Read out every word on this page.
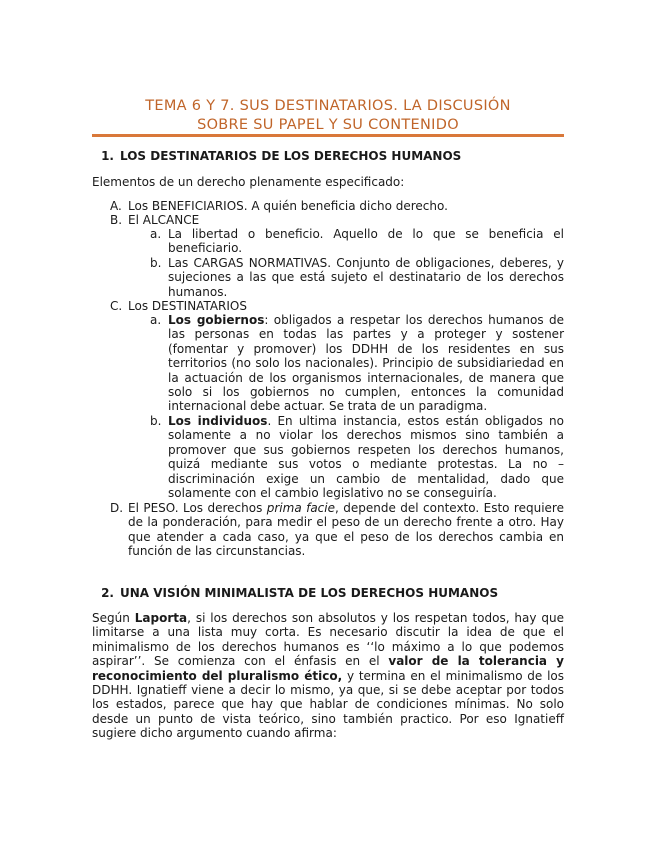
TEMA 6 Y 7. SUS DESTINATARIOS. LA DISCUSIÓN
SOBRE SU PAPEL Y SU CONTENIDO
1. LOS DESTINATARIOS DE LOS DERECHOS HUMANOS
Elementos de un derecho plenamente especificado:
A. Los BENEFICIARIOS. A quién beneficia dicho derecho.
B. El ALCANCE
a. La libertad o beneficio. Aquello de lo que se beneficia el beneficiario.
b. Las CARGAS NORMATIVAS. Conjunto de obligaciones, deberes, y sujeciones a las que está sujeto el destinatario de los derechos humanos.
C. Los DESTINATARIOS
a. Los gobiernos: obligados a respetar los derechos humanos de las personas en todas las partes y a proteger y sostener (fomentar y promover) los DDHH de los residentes en sus territorios (no solo los nacionales). Principio de subsidiariedad en la actuación de los organismos internacionales, de manera que solo si los gobiernos no cumplen, entonces la comunidad internacional debe actuar. Se trata de un paradigma.
b. Los individuos. En ultima instancia, estos están obligados no solamente a no violar los derechos mismos sino también a promover que sus gobiernos respeten los derechos humanos, quizá mediante sus votos o mediante protestas. La no – discriminación exige un cambio de mentalidad, dado que solamente con el cambio legislativo no se conseguiría.
D. El PESO. Los derechos prima facie, depende del contexto. Esto requiere de la ponderación, para medir el peso de un derecho frente a otro. Hay que atender a cada caso, ya que el peso de los derechos cambia en función de las circunstancias.
2. UNA VISIÓN MINIMALISTA DE LOS DERECHOS HUMANOS
Según Laporta, si los derechos son absolutos y los respetan todos, hay que limitarse a una lista muy corta. Es necesario discutir la idea de que el minimalismo de los derechos humanos es ‘‘lo máximo a lo que podemos aspirar’’. Se comienza con el énfasis en el valor de la tolerancia y reconocimiento del pluralismo ético, y termina en el minimalismo de los DDHH. Ignatieff viene a decir lo mismo, ya que, si se debe aceptar por todos los estados, parece que hay que hablar de condiciones mínimas. No solo desde un punto de vista teórico, sino también practico. Por eso Ignatieff sugiere dicho argumento cuando afirma:
